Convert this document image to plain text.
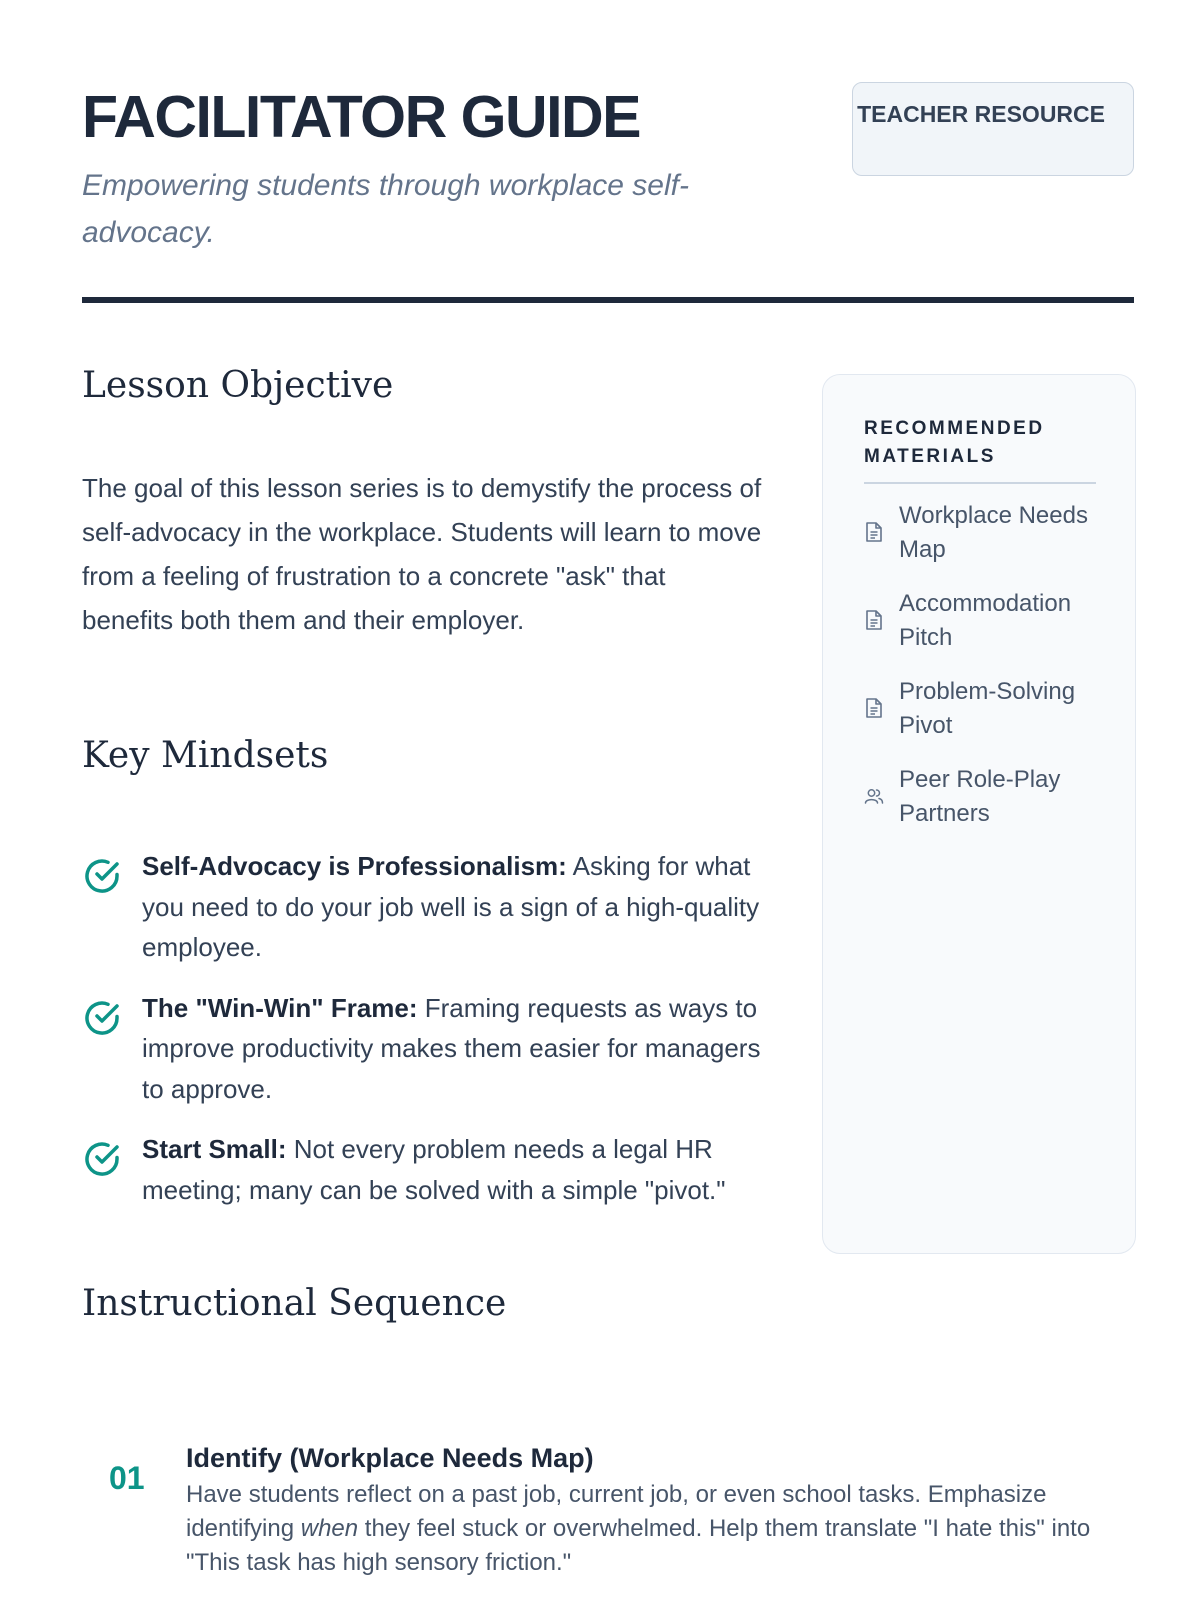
FACILITATOR GUIDE

Empowering students through workplace self-advocacy.

TEACHER RESOURCE
Lesson Objective

The goal of this lesson series is to demystify the process of self-advocacy in the workplace. Students will learn to move from a feeling of frustration to a concrete "ask" that benefits both them and their employer.

Key Mindsets
Self-Advocacy is Professionalism: Asking for what you need to do your job well is a sign of a high-quality employee.
The "Win-Win" Frame: Framing requests as ways to improve productivity makes them easier for managers to approve.
Start Small: Not every problem needs a legal HR meeting; many can be solved with a simple "pivot."
RECOMMENDED MATERIALS
Workplace Needs Map
Accommodation Pitch
Problem-Solving Pivot
Peer Role-Play Partners
Instructional Sequence
01
Identify (Workplace Needs Map)

Have students reflect on a past job, current job, or even school tasks. Emphasize identifying when they feel stuck or overwhelmed. Help them translate "I hate this" into "This task has high sensory friction."
